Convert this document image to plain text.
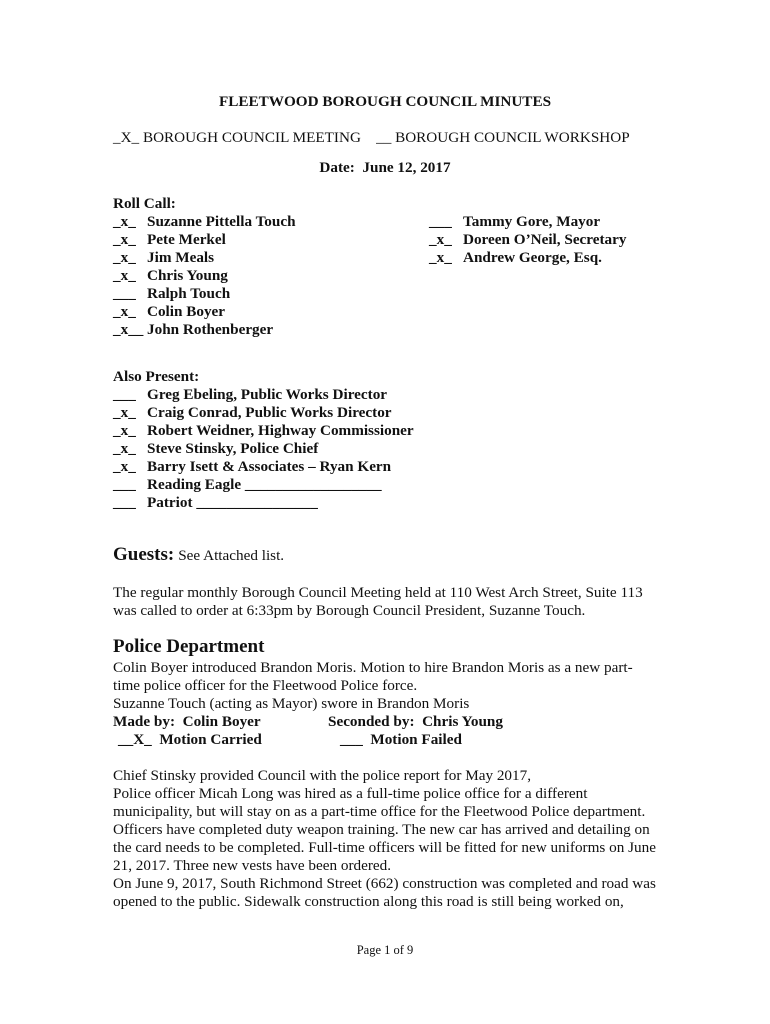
FLEETWOOD BOROUGH COUNCIL MINUTES
_X_ BOROUGH COUNCIL MEETING    __ BOROUGH COUNCIL WORKSHOP
Date:  June 12, 2017
Roll Call:
_x_ Suzanne Pittella Touch
_x_ Pete Merkel
_x_ Jim Meals
_x_ Chris Young
___ Ralph Touch
_x_ Colin Boyer
_x__ John Rothenberger
___ Tammy Gore, Mayor
_x_ Doreen O’Neil, Secretary
_x_ Andrew George, Esq.
Also Present:
___ Greg Ebeling, Public Works Director
_x_ Craig Conrad, Public Works Director
_x_ Robert Weidner, Highway Commissioner
_x_ Steve Stinsky, Police Chief
_x_ Barry Isett & Associates – Ryan Kern
___ Reading Eagle __________________
___ Patriot ________________
Guests: See Attached list.
The regular monthly Borough Council Meeting held at 110 West Arch Street, Suite 113 was called to order at 6:33pm by Borough Council President, Suzanne Touch.
Police Department
Colin Boyer introduced Brandon Moris. Motion to hire Brandon Moris as a new part-time police officer for the Fleetwood Police force.
Suzanne Touch (acting as Mayor) swore in Brandon Moris
Made by:  Colin Boyer	Seconded by:  Chris Young
__X_  Motion Carried	___  Motion Failed
Chief Stinsky provided Council with the police report for May 2017,
Police officer Micah Long was hired as a full-time police office for a different municipality, but will stay on as a part-time office for the Fleetwood Police department. Officers have completed duty weapon training. The new car has arrived and detailing on the card needs to be completed. Full-time officers will be fitted for new uniforms on June 21, 2017. Three new vests have been ordered.
On June 9, 2017, South Richmond Street (662) construction was completed and road was opened to the public. Sidewalk construction along this road is still being worked on,
Page 1 of 9
